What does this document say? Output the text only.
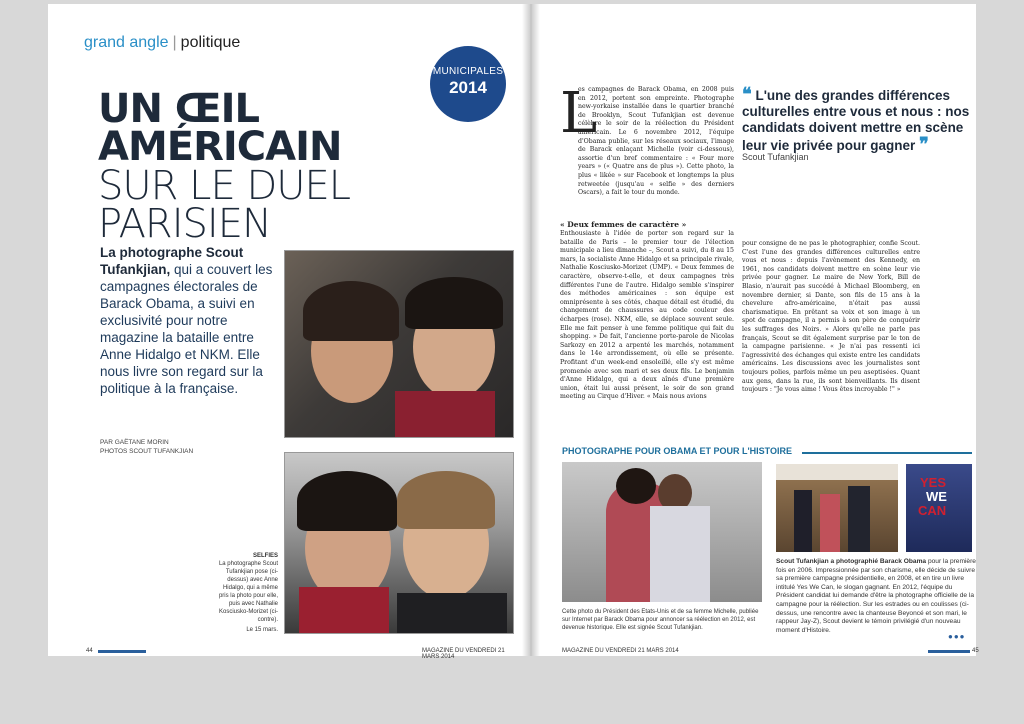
grand angle | politique
MUNICIPALES
2014
UN ŒIL
AMÉRICAIN
SUR LE DUEL
PARISIEN
La photographe Scout Tufankjian, qui a couvert les campagnes électorales de Barack Obama, a suivi en exclusivité pour notre magazine la bataille entre Anne Hidalgo et NKM. Elle nous livre son regard sur la politique à la française.
PAR GAËTANE MORIN
PHOTOS SCOUT TUFANKJIAN
SELFIES
La photographe Scout Tufankjian pose (ci-dessus) avec Anne Hidalgo, qui a même pris la photo pour elle, puis avec Nathalie Kosciusko-Morizet (ci-contre).
Le 15 mars.
44	MAGAZINE DU VENDREDI 21 MARS 2014
L
es campagnes de Barack Obama, en 2008 puis en 2012, portent son empreinte. Photographe new-yorkaise installée dans le quartier branché de Brooklyn, Scout Tufankjian est devenue célèbre le soir de la réélection du Président américain. Le 6 novembre 2012, l'équipe d'Obama publie, sur les réseaux sociaux, l'image de Barack enlaçant Michelle (voir ci-dessous), assortie d'un bref commentaire : « Four more years » (« Quatre ans de plus »). Cette photo, la plus « likée » sur Facebook et longtemps la plus retweetée (jusqu'au « selfie » des derniers Oscars), a fait le tour du monde.
« Deux femmes de caractère »
Enthousiaste à l'idée de porter son regard sur la bataille de Paris – le premier tour de l'élection municipale a lieu dimanche –, Scout a suivi, du 8 au 15 mars, la socialiste Anne Hidalgo et sa principale rivale, Nathalie Kosciusko-Morizet (UMP). « Deux femmes de caractère, observe-t-elle, et deux campagnes très différentes l'une de l'autre. Hidalgo semble s'inspirer des méthodes américaines : son équipe est omniprésente à ses côtés, chaque détail est étudié, du changement de chaussures au code couleur des écharpes (rose). NKM, elle, se déplace souvent seule. Elle me fait penser à une femme politique qui fait du shopping. » De fait, l'ancienne porte-parole de Nicolas Sarkozy en 2012 a arpenté les marchés, notamment dans le 14e arrondissement, où elle se présente. Profitant d'un week-end ensoleillé, elle s'y est même promenée avec son mari et ses deux fils. Le benjamin d'Anne Hidalgo, qui a deux aînés d'une première union, était lui aussi présent, le soir de son grand meeting au Cirque d'Hiver. « Mais nous avions
pour consigne de ne pas le photographier, confie Scout. C'est l'une des grandes différences culturelles entre vous et nous : depuis l'avènement des Kennedy, en 1961, nos candidats doivent mettre en scène leur vie privée pour gagner. Le maire de New York, Bill de Blasio, n'aurait pas succédé à Michael Bloomberg, en novembre dernier, si Dante, son fils de 15 ans à la chevelure afro-américaine, n'était pas aussi charismatique. En prêtant sa voix et son image à un spot de campagne, il a permis à son père de conquérir les suffrages des Noirs. » Alors qu'elle ne parle pas français, Scout se dit également surprise par le ton de la campagne parisienne. « Je n'ai pas ressenti ici l'agressivité des échanges qui existe entre les candidats américains. Les discussions avec les journalistes sont toujours polies, parfois même un peu aseptisées. Quant aux gens, dans la rue, ils sont bienveillants. Ils disent toujours : "Je vous aime ! Vous êtes incroyable !" »
❝ L'une des grandes différences culturelles entre vous et nous : nos candidats doivent mettre en scène leur vie privée pour gagner ❞
Scout Tufankjian
PHOTOGRAPHE POUR OBAMA ET POUR L'HISTOIRE
Cette photo du Président des Etats-Unis et de sa femme Michelle, publiée sur Internet par Barack Obama pour annoncer sa réélection en 2012, est devenue historique. Elle est signée Scout Tufankjian.
YES
WE
CAN
Scout Tufankjian a photographié Barack Obama pour la première fois en 2006. Impressionnée par son charisme, elle décide de suivre sa première campagne présidentielle, en 2008, et en tire un livre intitulé Yes We Can, le slogan gagnant. En 2012, l'équipe du Président candidat lui demande d'être la photographe officielle de la campagne pour la réélection. Sur les estrades ou en coulisses (ci-dessus, une rencontre avec la chanteuse Beyoncé et son mari, le rappeur Jay-Z), Scout devient le témoin privilégié d'un nouveau moment d'Histoire.
●●●
MAGAZINE DU VENDREDI 21 MARS 2014	45
